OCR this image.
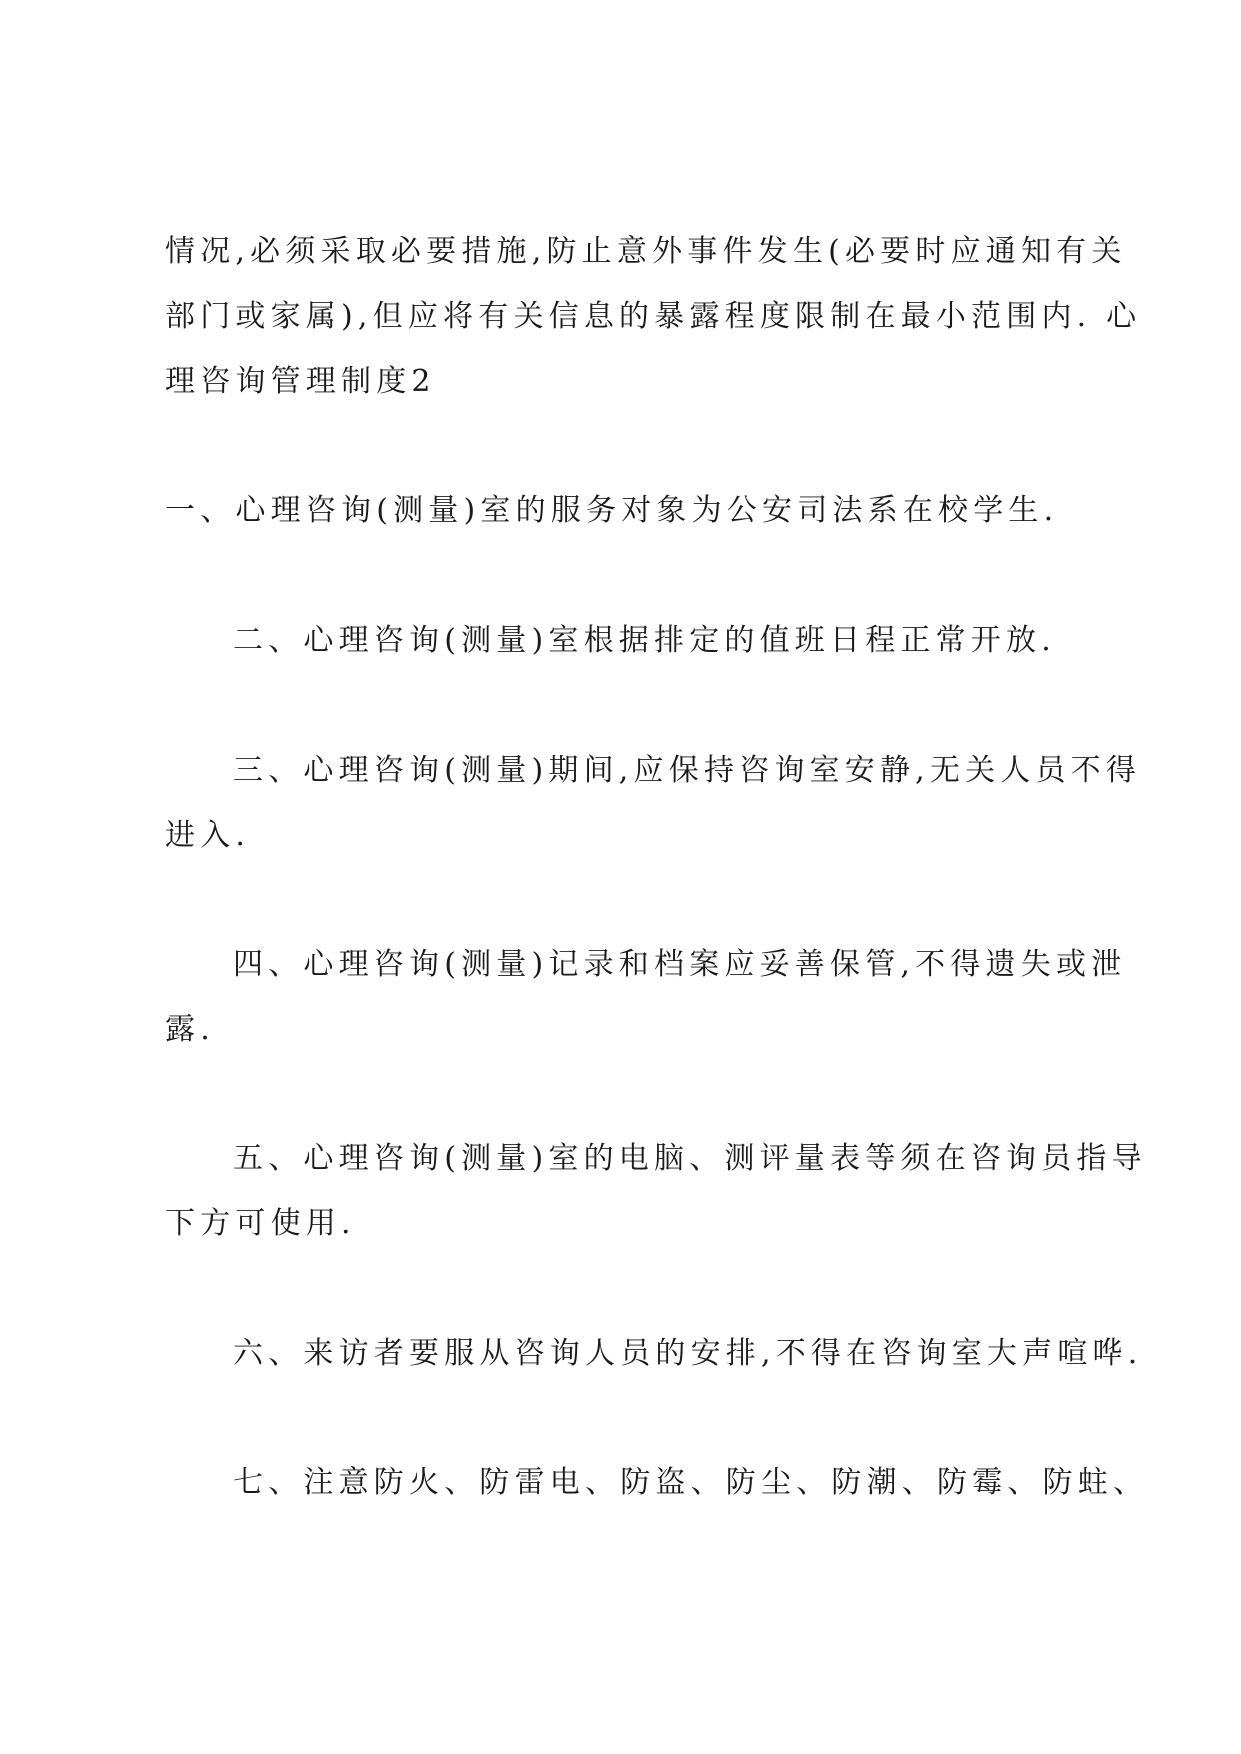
情况,必须采取必要措施,防止意外事件发生(必要时应通知有关
部门或家属),但应将有关信息的暴露程度限制在最小范围内. 心
理咨询管理制度2
一、心理咨询(测量)室的服务对象为公安司法系在校学生.
二、心理咨询(测量)室根据排定的值班日程正常开放.
三、心理咨询(测量)期间,应保持咨询室安静,无关人员不得
进入.
四、心理咨询(测量)记录和档案应妥善保管,不得遗失或泄
露.
五、心理咨询(测量)室的电脑、测评量表等须在咨询员指导
下方可使用.
六、来访者要服从咨询人员的安排,不得在咨询室大声喧哗.
七、注意防火、防雷电、防盗、防尘、防潮、防霉、防蛀、
